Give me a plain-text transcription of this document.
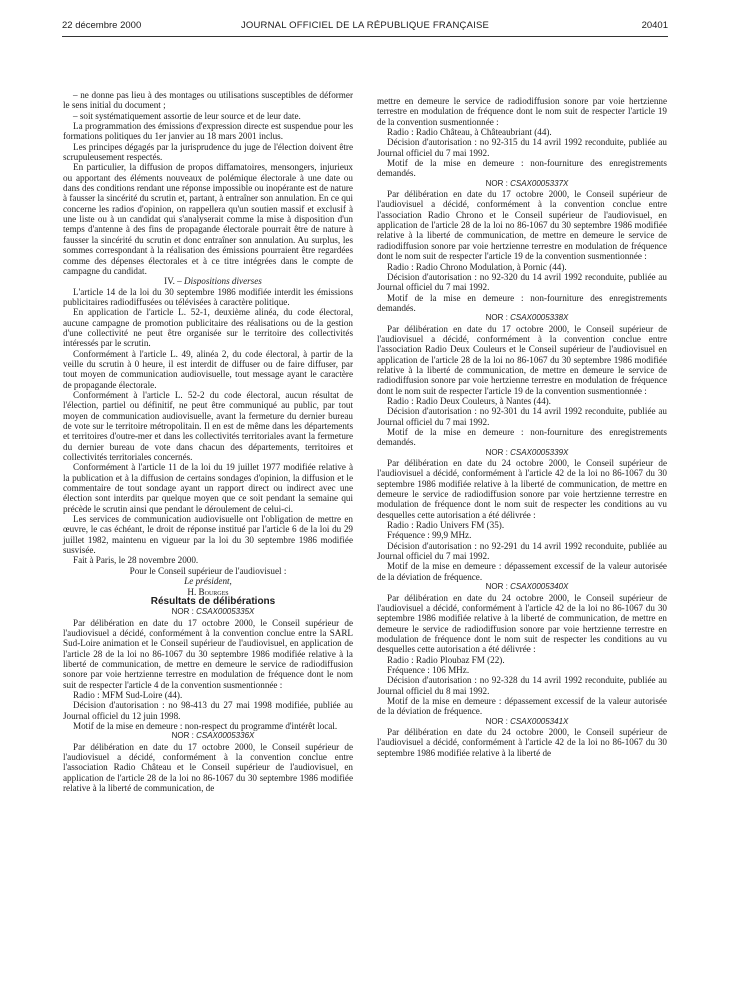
22 décembre 2000	JOURNAL OFFICIEL DE LA RÉPUBLIQUE FRANÇAISE	20401

– ne donne pas lieu à des montages ou utilisations susceptibles de déformer le sens initial du document ;

– soit systématiquement assortie de leur source et de leur date.

La programmation des émissions d'expression directe est suspendue pour les formations politiques du 1er janvier au 18 mars 2001 inclus.

Les principes dégagés par la jurisprudence du juge de l'élection doivent être scrupuleusement respectés.

En particulier, la diffusion de propos diffamatoires, mensongers, injurieux ou apportant des éléments nouveaux de polémique électorale à une date ou dans des conditions rendant une réponse impossible ou inopérante est de nature à fausser la sincérité du scrutin et, partant, à entraîner son annulation. En ce qui concerne les radios d'opinion, on rappellera qu'un soutien massif et exclusif à une liste ou à un candidat qui s'analyserait comme la mise à disposition d'un temps d'antenne à des fins de propagande électorale pourrait être de nature à fausser la sincérité du scrutin et donc entraîner son annulation. Au surplus, les sommes correspondant à la réalisation des émissions pourraient être regardées comme des dépenses électorales et à ce titre intégrées dans le compte de campagne du candidat.

IV. – Dispositions diverses

L'article 14 de la loi du 30 septembre 1986 modifiée interdit les émissions publicitaires radiodiffusées ou télévisées à caractère politique.

En application de l'article L. 52-1, deuxième alinéa, du code électoral, aucune campagne de promotion publicitaire des réalisations ou de la gestion d'une collectivité ne peut être organisée sur le territoire des collectivités intéressés par le scrutin.

Conformément à l'article L. 49, alinéa 2, du code électoral, à partir de la veille du scrutin à 0 heure, il est interdit de diffuser ou de faire diffuser, par tout moyen de communication audiovisuelle, tout message ayant le caractère de propagande électorale.

Conformément à l'article L. 52-2 du code électoral, aucun résultat de l'élection, partiel ou définitif, ne peut être communiqué au public, par tout moyen de communication audiovisuelle, avant la fermeture du dernier bureau de vote sur le territoire métropolitain. Il en est de même dans les départements et territoires d'outre-mer et dans les collectivités territoriales avant la fermeture du dernier bureau de vote dans chacun des départements, territoires et collectivités territoriales concernés.

Conformément à l'article 11 de la loi du 19 juillet 1977 modifiée relative à la publication et à la diffusion de certains sondages d'opinion, la diffusion et le commentaire de tout sondage ayant un rapport direct ou indirect avec une élection sont interdits par quelque moyen que ce soit pendant la semaine qui précède le scrutin ainsi que pendant le déroulement de celui-ci.

Les services de communication audiovisuelle ont l'obligation de mettre en œuvre, le cas échéant, le droit de réponse institué par l'article 6 de la loi du 29 juillet 1982, maintenu en vigueur par la loi du 30 septembre 1986 modifiée susvisée.

Fait à Paris, le 28 novembre 2000.

Pour le Conseil supérieur de l'audiovisuel :

Le président,

H. Bourges

Résultats de délibérations

NOR : CSAX0005335X

Par délibération en date du 17 octobre 2000, le Conseil supérieur de l'audiovisuel a décidé, conformément à la convention conclue entre la SARL Sud-Loire animation et le Conseil supérieur de l'audiovisuel, en application de l'article 28 de la loi no 86-1067 du 30 septembre 1986 modifiée relative à la liberté de communication, de mettre en demeure le service de radiodiffusion sonore par voie hertzienne terrestre en modulation de fréquence dont le nom suit de respecter l'article 4 de la convention susmentionnée :

Radio : MFM Sud-Loire (44).

Décision d'autorisation : no 98-413 du 27 mai 1998 modifiée, publiée au Journal officiel du 12 juin 1998.

Motif de la mise en demeure : non-respect du programme d'intérêt local.

NOR : CSAX0005336X

Par délibération en date du 17 octobre 2000, le Conseil supérieur de l'audiovisuel a décidé, conformément à la convention conclue entre l'association Radio Château et le Conseil supérieur de l'audiovisuel, en application de l'article 28 de la loi no 86-1067 du 30 septembre 1986 modifiée relative à la liberté de communication, de

mettre en demeure le service de radiodiffusion sonore par voie hertzienne terrestre en modulation de fréquence dont le nom suit de respecter l'article 19 de la convention susmentionnée :

Radio : Radio Château, à Châteaubriant (44).

Décision d'autorisation : no 92-315 du 14 avril 1992 reconduite, publiée au Journal officiel du 7 mai 1992.

Motif de la mise en demeure : non-fourniture des enregistrements demandés.

NOR : CSAX0005337X

Par délibération en date du 17 octobre 2000, le Conseil supérieur de l'audiovisuel a décidé, conformément à la convention conclue entre l'association Radio Chrono et le Conseil supérieur de l'audiovisuel, en application de l'article 28 de la loi no 86-1067 du 30 septembre 1986 modifiée relative à la liberté de communication, de mettre en demeure le service de radiodiffusion sonore par voie hertzienne terrestre en modulation de fréquence dont le nom suit de respecter l'article 19 de la convention susmentionnée :

Radio : Radio Chrono Modulation, à Pornic (44).

Décision d'autorisation : no 92-320 du 14 avril 1992 reconduite, publiée au Journal officiel du 7 mai 1992.

Motif de la mise en demeure : non-fourniture des enregistrements demandés.

NOR : CSAX0005338X

Par délibération en date du 17 octobre 2000, le Conseil supérieur de l'audiovisuel a décidé, conformément à la convention conclue entre l'association Radio Deux Couleurs et le Conseil supérieur de l'audiovisuel en application de l'article 28 de la loi no 86-1067 du 30 septembre 1986 modifiée relative à la liberté de communication, de mettre en demeure le service de radiodiffusion sonore par voie hertzienne terrestre en modulation de fréquence dont le nom suit de respecter l'article 19 de la convention susmentionnée :

Radio : Radio Deux Couleurs, à Nantes (44).

Décision d'autorisation : no 92-301 du 14 avril 1992 reconduite, publiée au Journal officiel du 7 mai 1992.

Motif de la mise en demeure : non-fourniture des enregistrements demandés.

NOR : CSAX0005339X

Par délibération en date du 24 octobre 2000, le Conseil supérieur de l'audiovisuel a décidé, conformément à l'article 42 de la loi no 86-1067 du 30 septembre 1986 modifiée relative à la liberté de communication, de mettre en demeure le service de radiodiffusion sonore par voie hertzienne terrestre en modulation de fréquence dont le nom suit de respecter les conditions au vu desquelles cette autorisation a été délivrée :

Radio : Radio Univers FM (35).

Fréquence : 99,9 MHz.

Décision d'autorisation : no 92-291 du 14 avril 1992 reconduite, publiée au Journal officiel du 7 mai 1992.

Motif de la mise en demeure : dépassement excessif de la valeur autorisée de la déviation de fréquence.

NOR : CSAX0005340X

Par délibération en date du 24 octobre 2000, le Conseil supérieur de l'audiovisuel a décidé, conformément à l'article 42 de la loi no 86-1067 du 30 septembre 1986 modifiée relative à la liberté de communication, de mettre en demeure le service de radiodiffusion sonore par voie hertzienne terrestre en modulation de fréquence dont le nom suit de respecter les conditions au vu desquelles cette autorisation a été délivrée :

Radio : Radio Ploubaz FM (22).

Fréquence : 106 MHz.

Décision d'autorisation : no 92-328 du 14 avril 1992 reconduite, publiée au Journal officiel du 8 mai 1992.

Motif de la mise en demeure : dépassement excessif de la valeur autorisée de la déviation de fréquence.

NOR : CSAX0005341X

Par délibération en date du 24 octobre 2000, le Conseil supérieur de l'audiovisuel a décidé, conformément à l'article 42 de la loi no 86-1067 du 30 septembre 1986 modifiée relative à la liberté de
